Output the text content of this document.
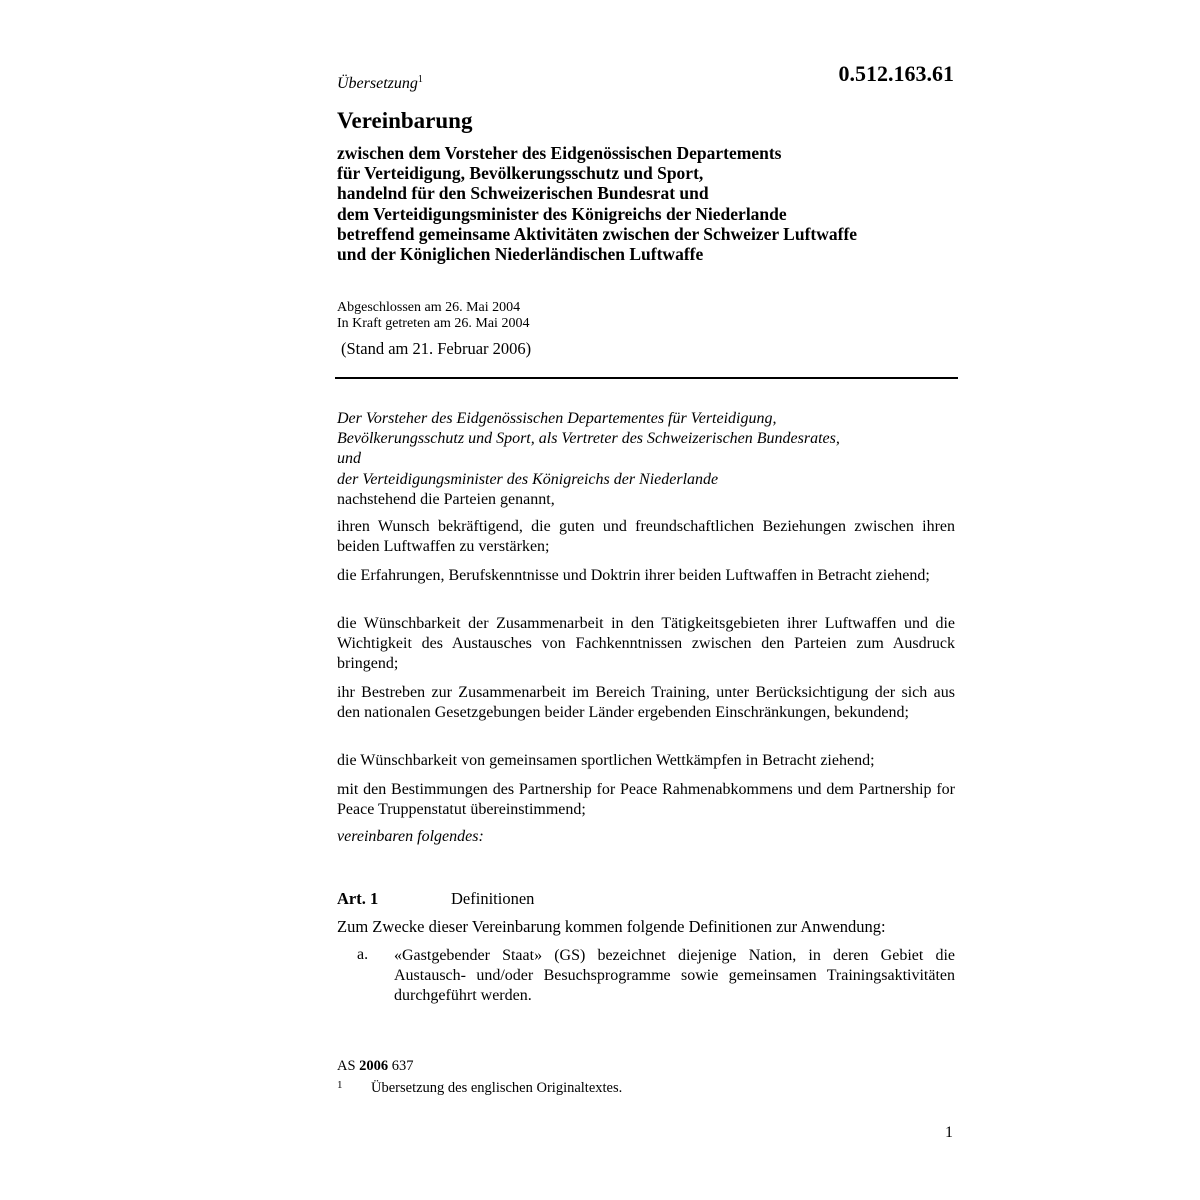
Übersetzung$^1$	0.512.163.61
Vereinbarung
zwischen dem Vorsteher des Eidgenössischen Departements
für Verteidigung, Bevölkerungsschutz und Sport,
handelnd für den Schweizerischen Bundesrat und
dem Verteidigungsminister des Königreichs der Niederlande
betreffend gemeinsame Aktivitäten zwischen der Schweizer Luftwaffe
und der Königlichen Niederländischen Luftwaffe
Abgeschlossen am 26. Mai 2004
In Kraft getreten am 26. Mai 2004
(Stand am 21. Februar 2006)
Der Vorsteher des Eidgenössischen Departementes für Verteidigung,
Bevölkerungsschutz und Sport, als Vertreter des Schweizerischen Bundesrates,
und
der Verteidigungsminister des Königreichs der Niederlande
nachstehend die Parteien genannt,
ihren Wunsch bekräftigend, die guten und freundschaftlichen Beziehungen zwischen ihren beiden Luftwaffen zu verstärken;
die Erfahrungen, Berufskenntnisse und Doktrin ihrer beiden Luftwaffen in Betracht ziehend;
die Wünschbarkeit der Zusammenarbeit in den Tätigkeitsgebieten ihrer Luftwaffen und die Wichtigkeit des Austausches von Fachkenntnissen zwischen den Parteien zum Ausdruck bringend;
ihr Bestreben zur Zusammenarbeit im Bereich Training, unter Berücksichtigung der sich aus den nationalen Gesetzgebungen beider Länder ergebenden Einschränkungen, bekundend;
die Wünschbarkeit von gemeinsamen sportlichen Wettkämpfen in Betracht ziehend;
mit den Bestimmungen des Partnership for Peace Rahmenabkommens und dem Partnership for Peace Truppenstatut übereinstimmend;
vereinbaren folgendes:
Art. 1	Definitionen
Zum Zwecke dieser Vereinbarung kommen folgende Definitionen zur Anwendung:
a. «Gastgebender Staat» (GS) bezeichnet diejenige Nation, in deren Gebiet die Austausch- und/oder Besuchsprogramme sowie gemeinsamen Trainingsaktivitäten durchgeführt werden.
AS 2006 637
1 Übersetzung des englischen Originaltextes.
1
